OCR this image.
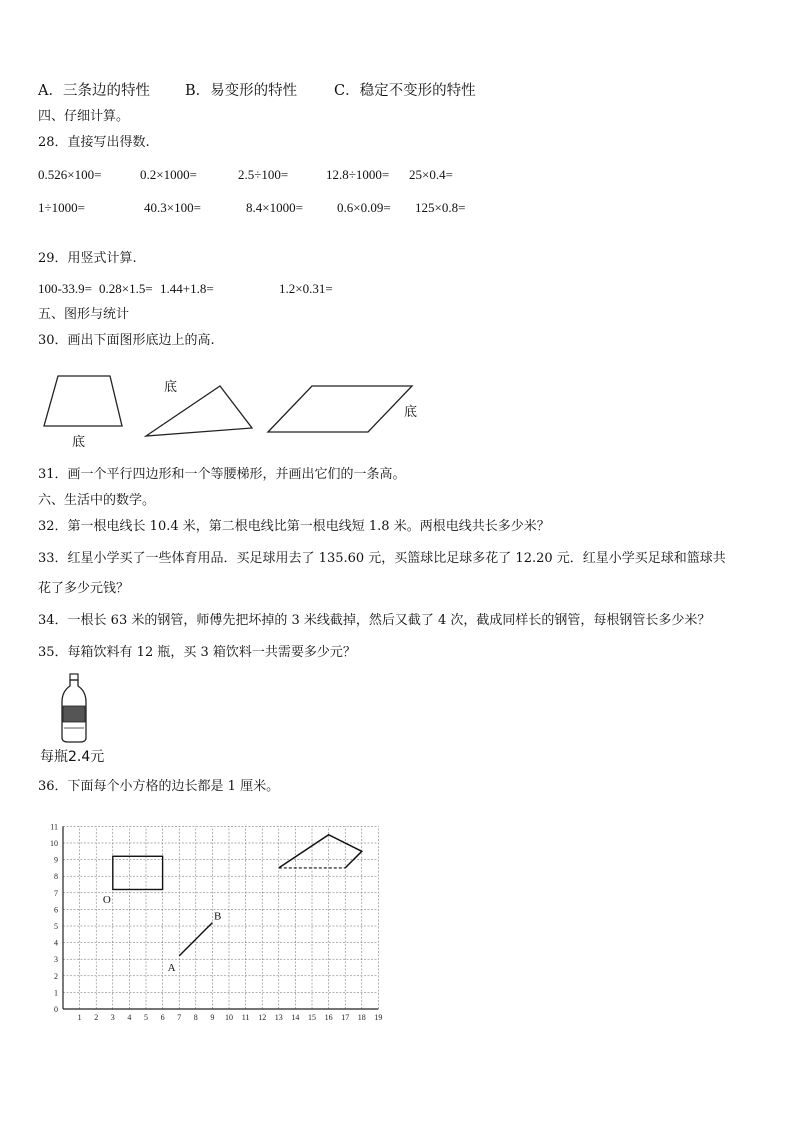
A．三条边的特性 B．易变形的特性	C．稳定不变形的特性
四、仔细计算。
28．直接写出得数.
0.526×100=	0.2×1000=	2.5÷100=	12.8÷1000= 25×0.4=
1÷1000=	40.3×100=	8.4×1000=	0.6×0.09= 125×0.8=
29．用竖式计算.
100-33.9= 0.28×1.5= 1.44+1.8=	1.2×0.31=
五、图形与统计
30．画出下面图形底边上的高.
底
底
底
31．画一个平行四边形和一个等腰梯形，并画出它们的一条高。
六、生活中的数学。
32．第一根电线长 10.4 米，第二根电线比第一根电线短 1.8 米。两根电线共长多少米？
33．红星小学买了一些体育用品．买足球用去了 135.60 元，买篮球比足球多花了 12.20 元．红星小学买足球和篮球共
花了多少元钱？
34．一根长 63 米的钢管，师傅先把坏掉的 3 米线截掉，然后又截了 4 次，截成同样长的钢管，每根钢管长多少米？
35．每箱饮料有 12 瓶，买 3 箱饮料一共需要多少元？
每瓶2.4元
36．下面每个小方格的边长都是 1 厘米。
1 2 3 4 5 6 7 8 9 10 11 12 13 14 15 16 17 18 19
0
1
2
3
4
5
6
7
8
9
10
11
O
A
B
